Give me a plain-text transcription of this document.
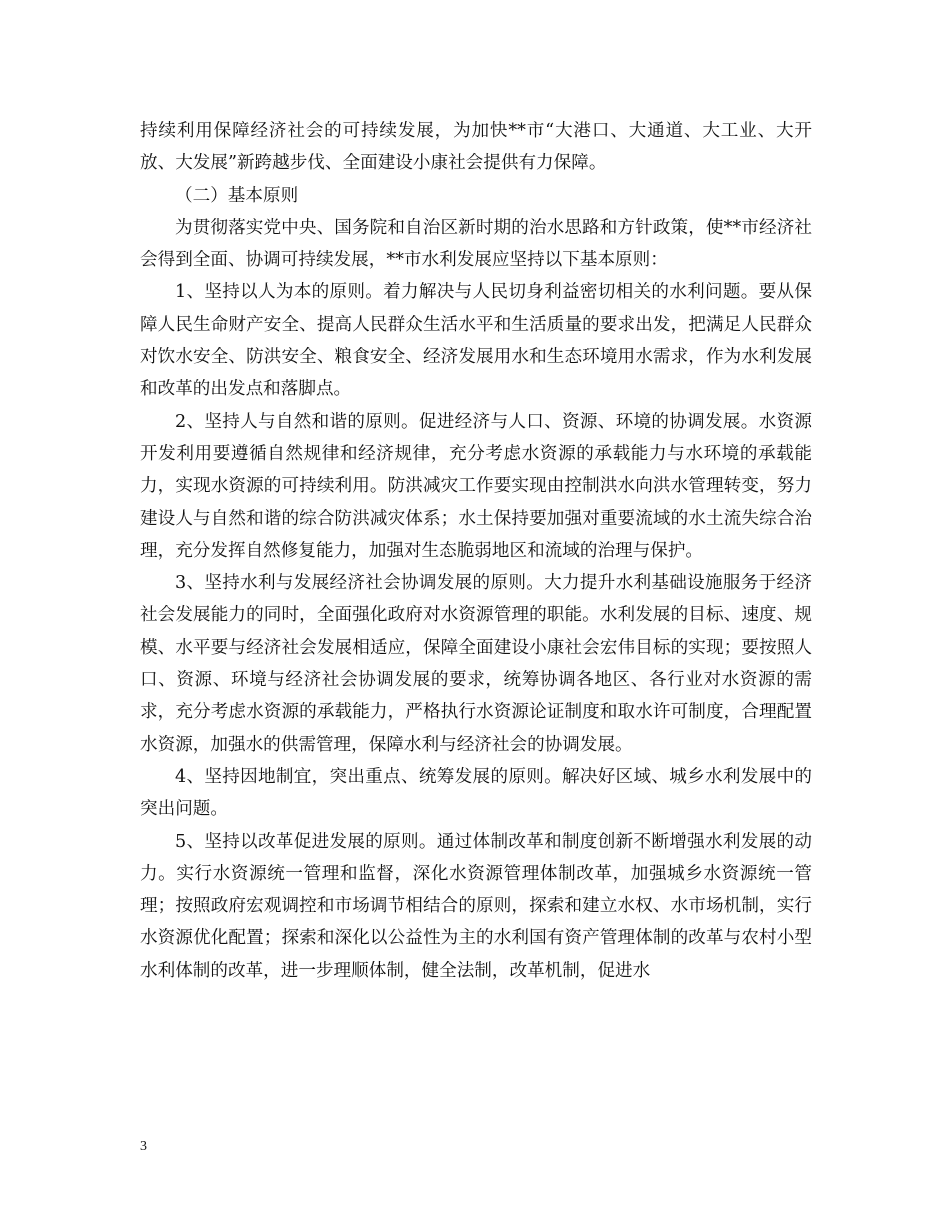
持续利用保障经济社会的可持续发展，为加快**市“大港口、大通道、大工业、大开放、大发展”新跨越步伐、全面建设小康社会提供有力保障。

（二）基本原则

为贯彻落实党中央、国务院和自治区新时期的治水思路和方针政策，使**市经济社会得到全面、协调可持续发展，**市水利发展应坚持以下基本原则：

1、坚持以人为本的原则。着力解决与人民切身利益密切相关的水利问题。要从保障人民生命财产安全、提高人民群众生活水平和生活质量的要求出发，把满足人民群众对饮水安全、防洪安全、粮食安全、经济发展用水和生态环境用水需求，作为水利发展和改革的出发点和落脚点。

2、坚持人与自然和谐的原则。促进经济与人口、资源、环境的协调发展。水资源开发利用要遵循自然规律和经济规律，充分考虑水资源的承载能力与水环境的承载能力，实现水资源的可持续利用。防洪减灾工作要实现由控制洪水向洪水管理转变，努力建设人与自然和谐的综合防洪减灾体系；水土保持要加强对重要流域的水土流失综合治理，充分发挥自然修复能力，加强对生态脆弱地区和流域的治理与保护。

3、坚持水利与发展经济社会协调发展的原则。大力提升水利基础设施服务于经济社会发展能力的同时，全面强化政府对水资源管理的职能。水利发展的目标、速度、规模、水平要与经济社会发展相适应，保障全面建设小康社会宏伟目标的实现；要按照人口、资源、环境与经济社会协调发展的要求，统筹协调各地区、各行业对水资源的需求，充分考虑水资源的承载能力，严格执行水资源论证制度和取水许可制度，合理配置水资源，加强水的供需管理，保障水利与经济社会的协调发展。

4、坚持因地制宜，突出重点、统筹发展的原则。解决好区域、城乡水利发展中的突出问题。

5、坚持以改革促进发展的原则。通过体制改革和制度创新不断增强水利发展的动力。实行水资源统一管理和监督，深化水资源管理体制改革，加强城乡水资源统一管理；按照政府宏观调控和市场调节相结合的原则，探索和建立水权、水市场机制，实行水资源优化配置；探索和深化以公益性为主的水利国有资产管理体制的改革与农村小型水利体制的改革，进一步理顺体制，健全法制，改革机制，促进水

3
